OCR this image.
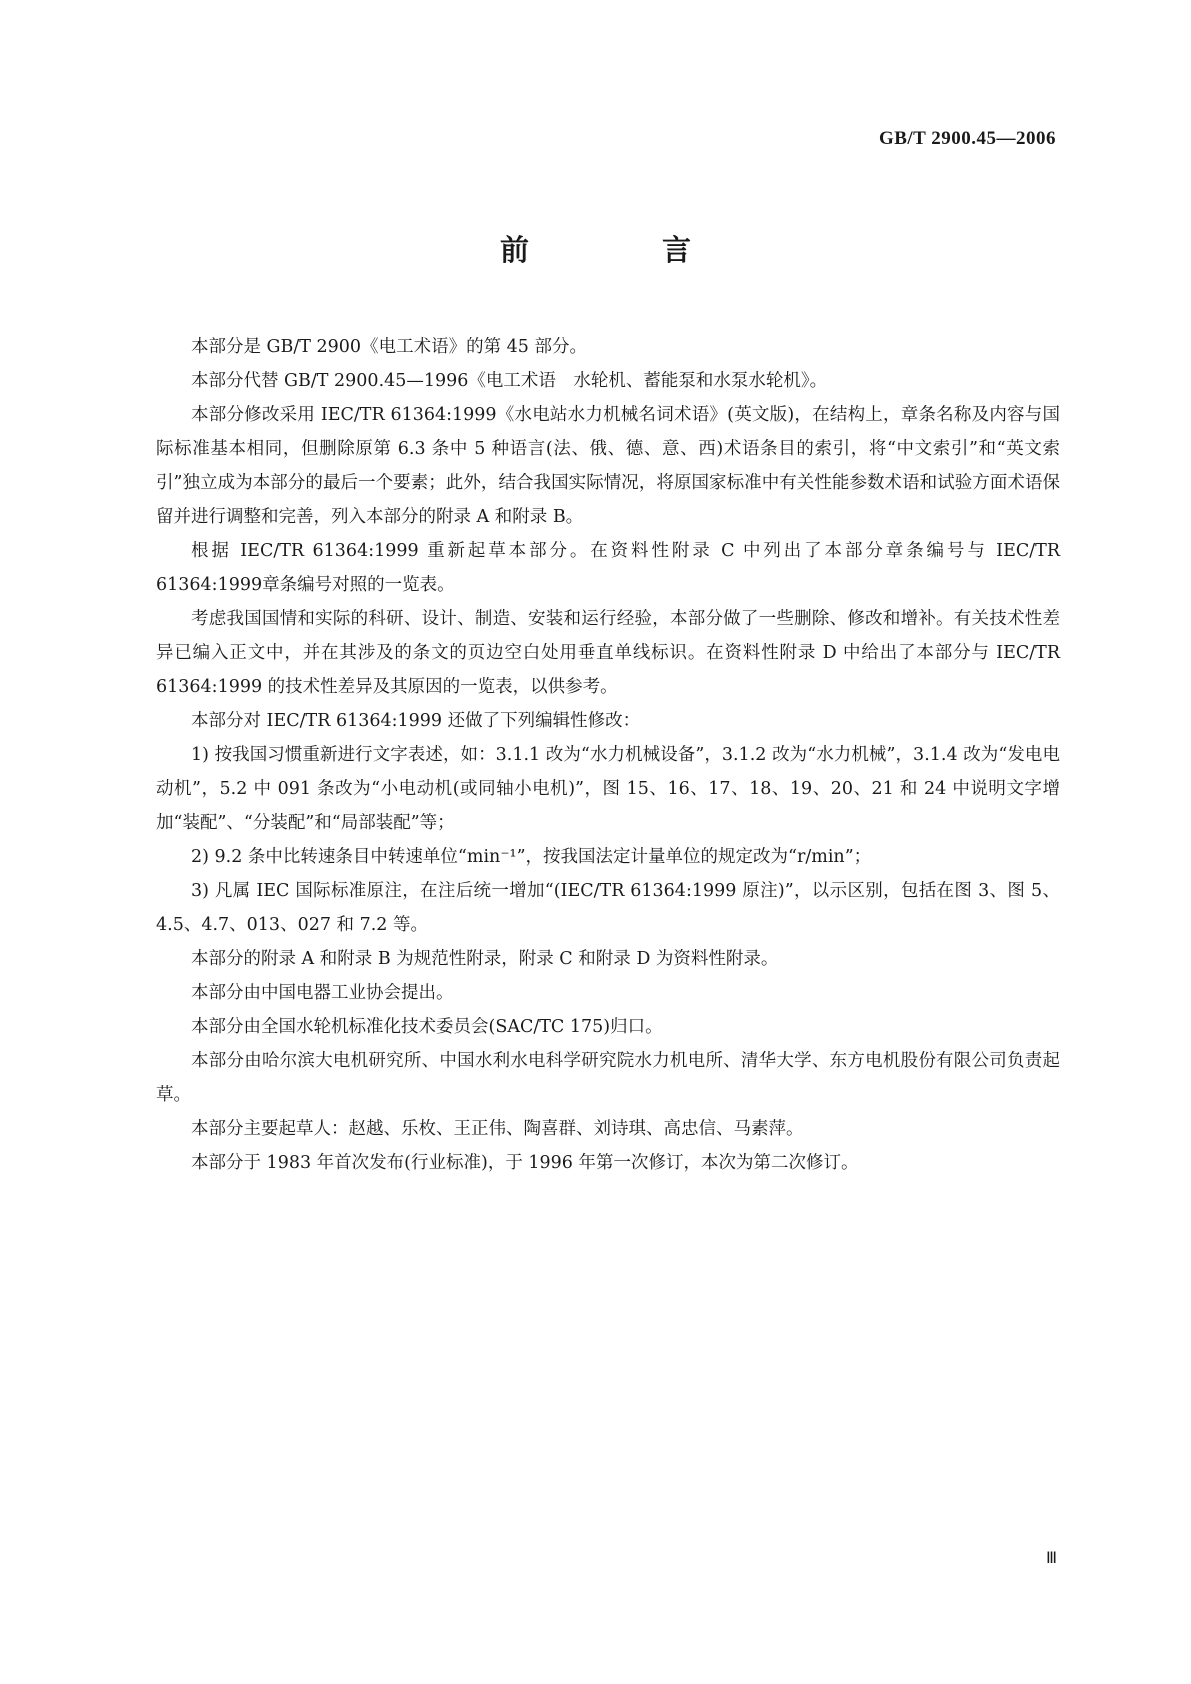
GB/T 2900.45—2006

前　言

本部分是 GB/T 2900《电工术语》的第 45 部分。

本部分代替 GB/T 2900.45—1996《电工术语　水轮机、蓄能泵和水泵水轮机》。

本部分修改采用 IEC/TR 61364:1999《水电站水力机械名词术语》(英文版)，在结构上，章条名称及内容与国际标准基本相同，但删除原第 6.3 条中 5 种语言(法、俄、德、意、西)术语条目的索引，将“中文索引”和“英文索引”独立成为本部分的最后一个要素；此外，结合我国实际情况，将原国家标准中有关性能参数术语和试验方面术语保留并进行调整和完善，列入本部分的附录 A 和附录 B。

根据 IEC/TR 61364:1999 重新起草本部分。在资料性附录 C 中列出了本部分章条编号与 IEC/TR 61364:1999章条编号对照的一览表。

考虑我国国情和实际的科研、设计、制造、安装和运行经验，本部分做了一些删除、修改和增补。有关技术性差异已编入正文中，并在其涉及的条文的页边空白处用垂直单线标识。在资料性附录 D 中给出了本部分与 IEC/TR 61364:1999 的技术性差异及其原因的一览表，以供参考。

本部分对 IEC/TR 61364:1999 还做了下列编辑性修改：

1) 按我国习惯重新进行文字表述，如：3.1.1 改为“水力机械设备”，3.1.2 改为“水力机械”，3.1.4 改为“发电电动机”，5.2 中 091 条改为“小电动机(或同轴小电机)”，图 15、16、17、18、19、20、21 和 24 中说明文字增加“装配”、“分装配”和“局部装配”等；

2) 9.2 条中比转速条目中转速单位“min⁻¹”，按我国法定计量单位的规定改为“r/min”；

3) 凡属 IEC 国际标准原注，在注后统一增加“(IEC/TR 61364:1999 原注)”，以示区别，包括在图 3、图 5、4.5、4.7、013、027 和 7.2 等。

本部分的附录 A 和附录 B 为规范性附录，附录 C 和附录 D 为资料性附录。

本部分由中国电器工业协会提出。

本部分由全国水轮机标准化技术委员会(SAC/TC 175)归口。

本部分由哈尔滨大电机研究所、中国水利水电科学研究院水力机电所、清华大学、东方电机股份有限公司负责起草。

本部分主要起草人：赵越、乐枚、王正伟、陶喜群、刘诗琪、高忠信、马素萍。

本部分于 1983 年首次发布(行业标准)，于 1996 年第一次修订，本次为第二次修订。

Ⅲ
